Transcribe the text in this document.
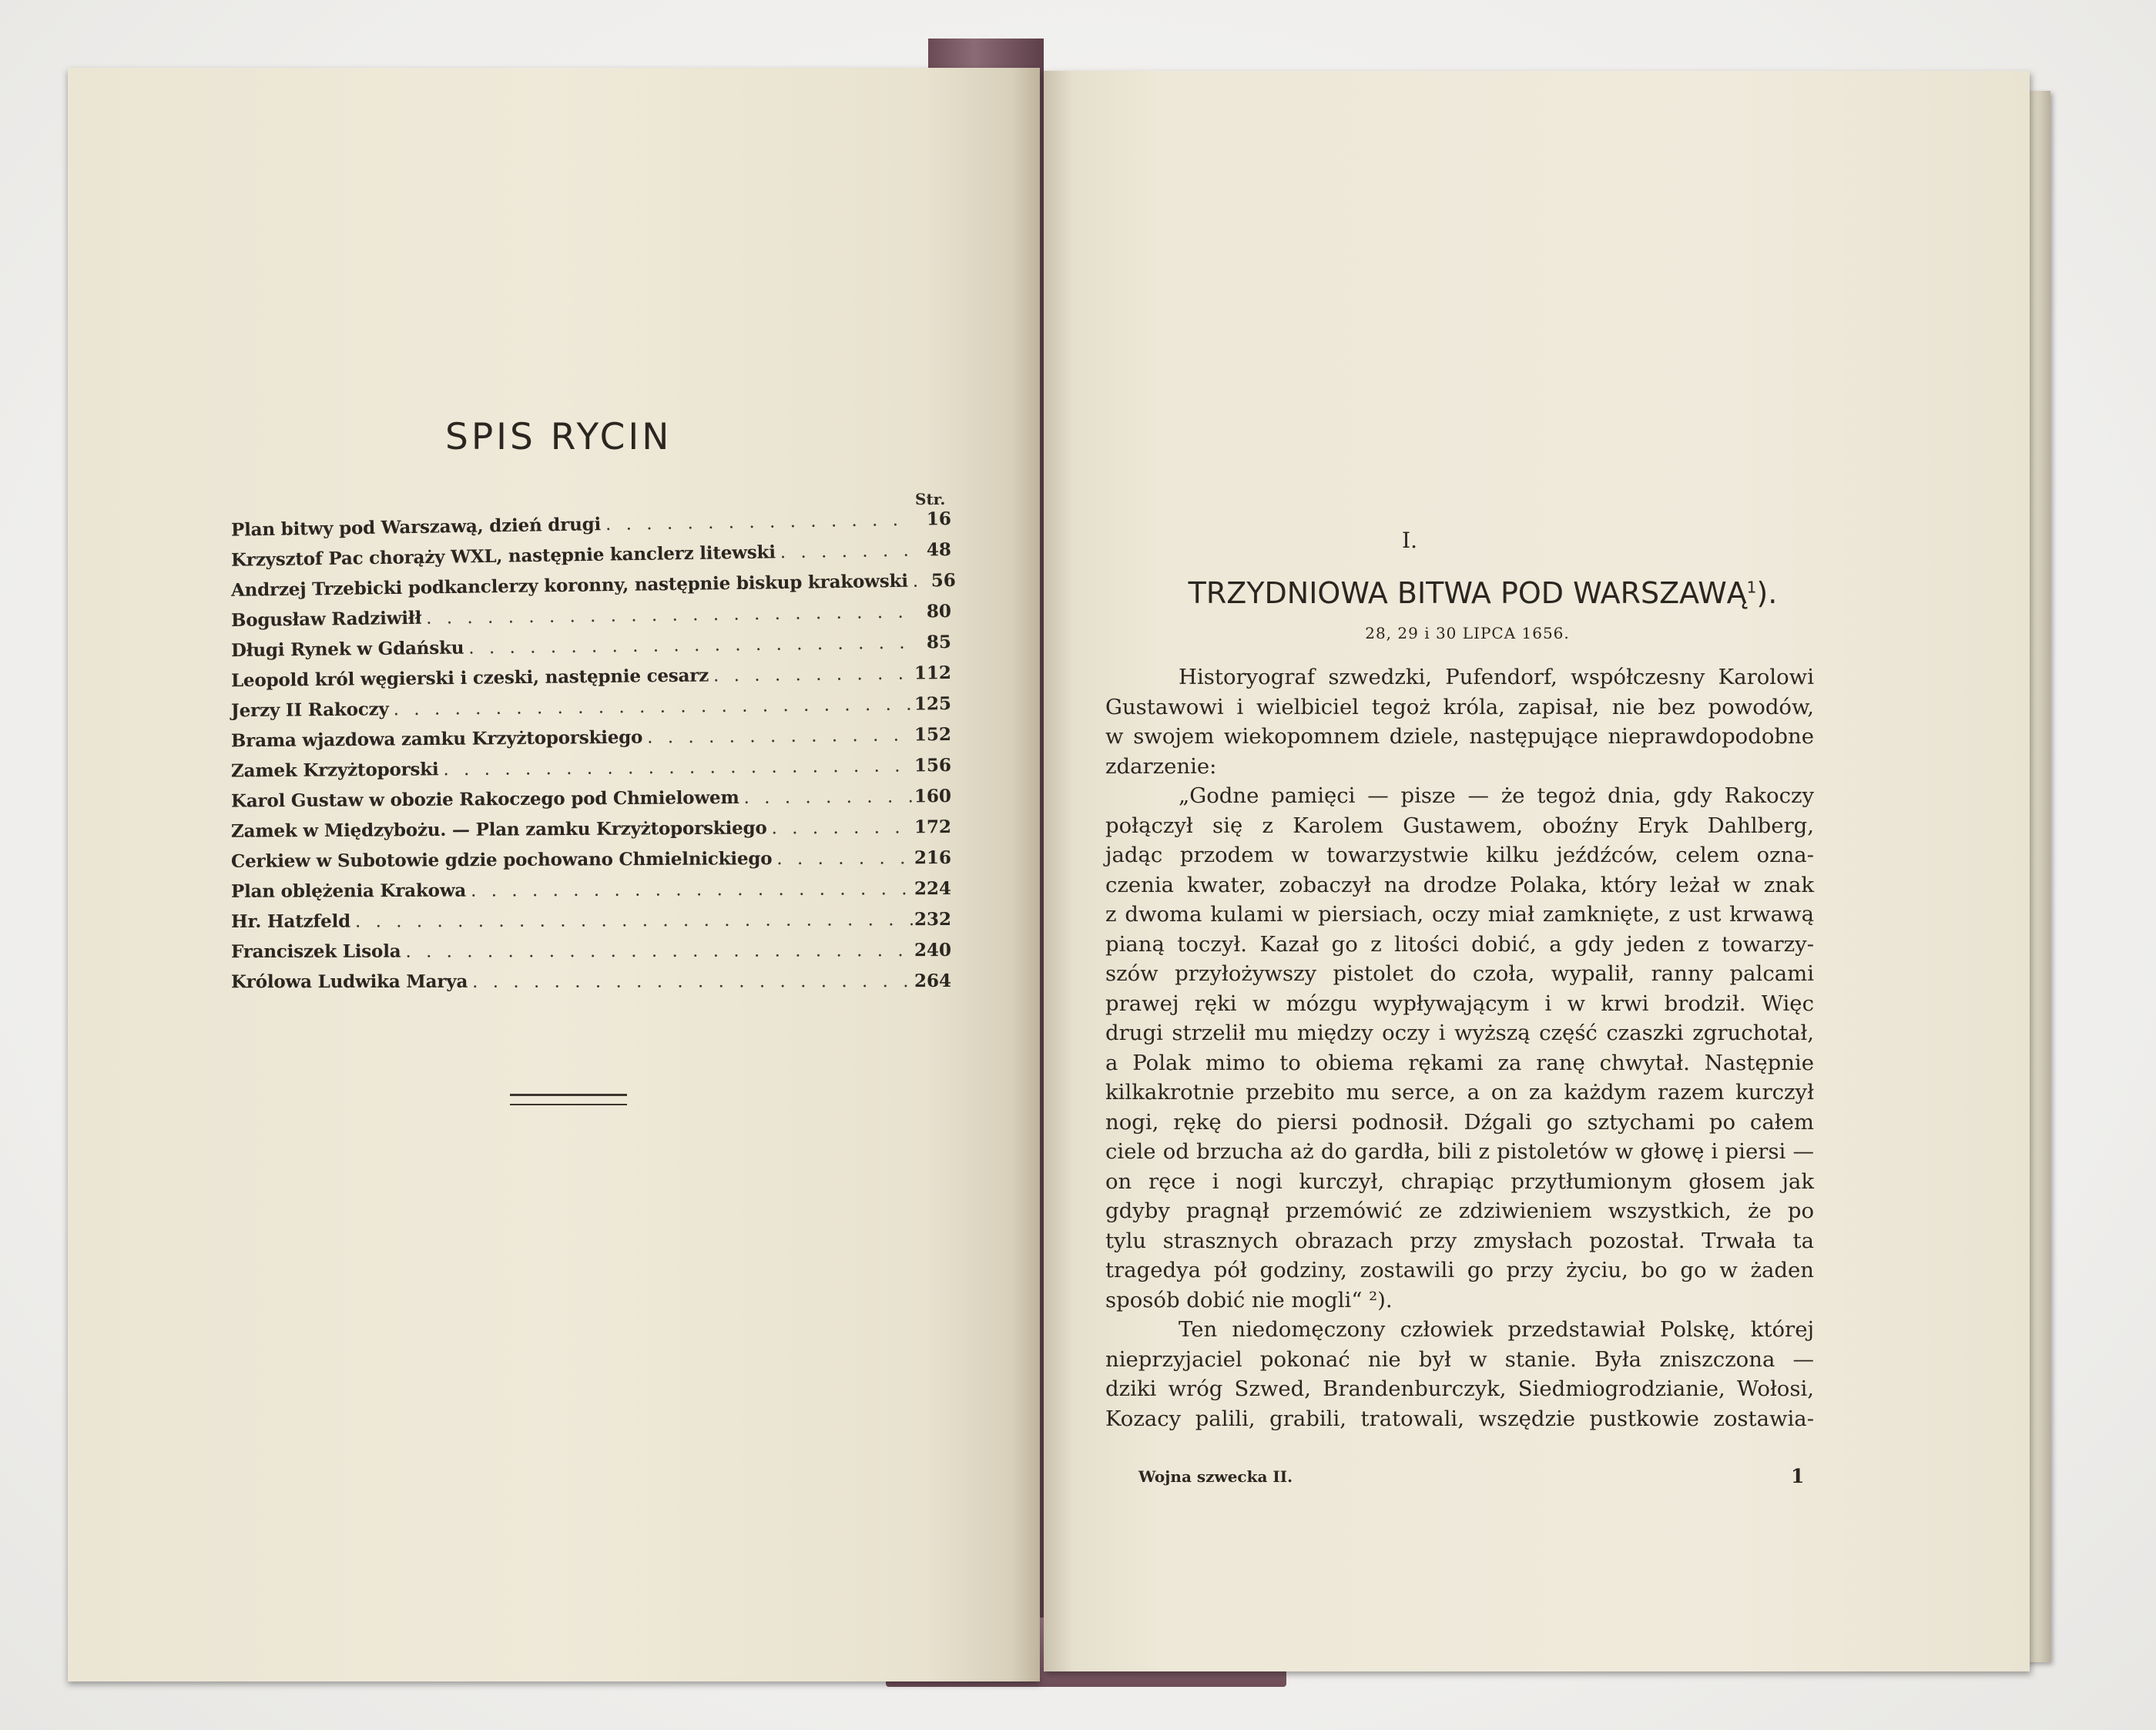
SPIS RYCIN
Str.
Plan bitwy pod Warszawą, dzień drugi . . .	16
Krzysztof Pac chorąży WXL, następnie kanclerz litewski . . .	48
Andrzej Trzebicki podkanclerzy koronny, następnie biskup krakowski . . .	56
Bogusław Radziwiłł . . .	80
Długi Rynek w Gdańsku . . .	85
Leopold król węgierski i czeski, następnie cesarz . . .	112
Jerzy II Rakoczy . . .	125
Brama wjazdowa zamku Krzyżtoporskiego . . .	152
Zamek Krzyżtoporski . . .	156
Karol Gustaw w obozie Rakoczego pod Chmielowem . . .	160
Zamek w Międzybożu. — Plan zamku Krzyżtoporskiego . . .	172
Cerkiew w Subotowie gdzie pochowano Chmielnickiego . . .	216
Plan oblężenia Krakowa . . .	224
Hr. Hatzfeld . . .	232
Franciszek Lisola . . .	240
Królowa Ludwika Marya . . .	264
I.
TRZYDNIOWA BITWA POD WARSZAWĄ$^1$).
28, 29 i 30 LIPCA 1656.
Historyograf szwedzki, Pufendorf, współczesny Karolowi
Gustawowi i wielbiciel tegoż króla, zapisał, nie bez powodów,
w swojem wiekopomnem dziele, następujące nieprawdopodobne
zdarzenie:
„Godne pamięci — pisze — że tegoż dnia, gdy Rakoczy
połączył się z Karolem Gustawem, oboźny Eryk Dahlberg,
jadąc przodem w towarzystwie kilku jeźdźców, celem ozna-
czenia kwater, zobaczył na drodze Polaka, który leżał w znak
z dwoma kulami w piersiach, oczy miał zamknięte, z ust krwawą
pianą toczył. Kazał go z litości dobić, a gdy jeden z towarzy-
szów przyłożywszy pistolet do czoła, wypalił, ranny palcami
prawej ręki w mózgu wypływającym i w krwi brodził. Więc
drugi strzelił mu między oczy i wyższą część czaszki zgruchotał,
a Polak mimo to obiema rękami za ranę chwytał. Następnie
kilkakrotnie przebito mu serce, a on za każdym razem kurczył
nogi, rękę do piersi podnosił. Dźgali go sztychami po całem
ciele od brzucha aż do gardła, bili z pistoletów w głowę i piersi —
on ręce i nogi kurczył, chrapiąc przytłumionym głosem jak
gdyby pragnął przemówić ze zdziwieniem wszystkich, że po
tylu strasznych obrazach przy zmysłach pozostał. Trwała ta
tragedya pół godziny, zostawili go przy życiu, bo go w żaden
sposób dobić nie mogli“ ²).
Ten niedomęczony człowiek przedstawiał Polskę, której
nieprzyjaciel pokonać nie był w stanie. Była zniszczona —
dziki wróg Szwed, Brandenburczyk, Siedmiogrodzianie, Wołosi,
Kozacy palili, grabili, tratowali, wszędzie pustkowie zostawia-
Wojna szwecka II.	1
